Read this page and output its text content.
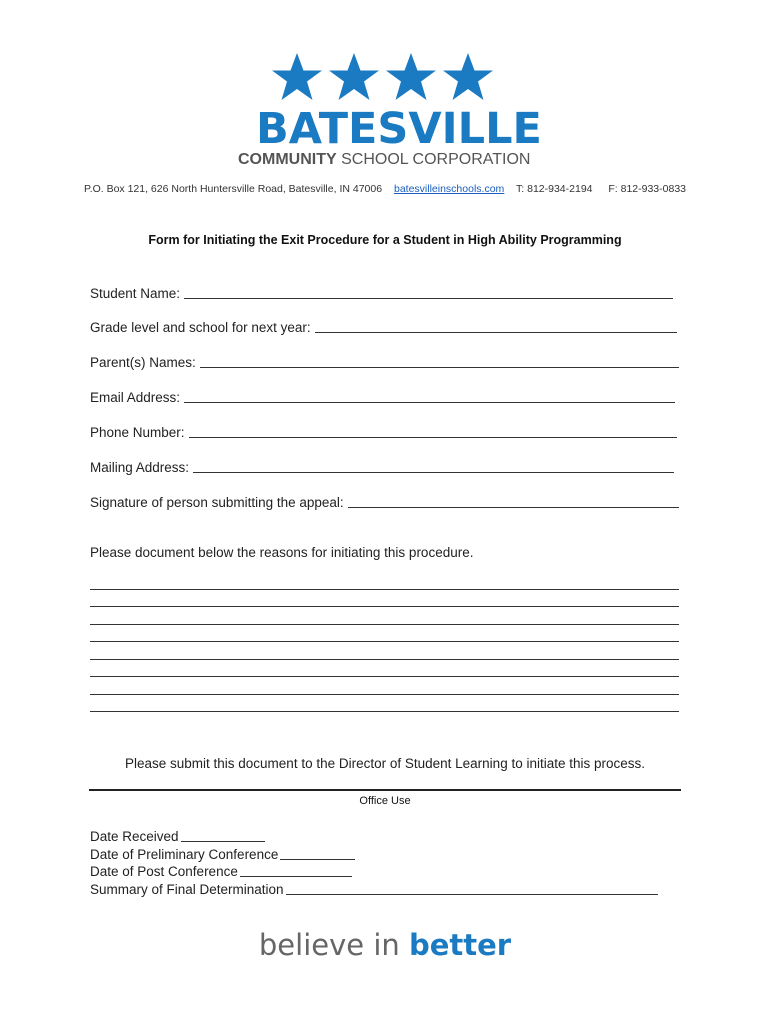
BATESVILLE
COMMUNITY SCHOOL CORPORATION
P.O. Box 121, 626 North Huntersville Road, Batesville, IN 47006 batesvilleinschools.com T: 812-934-2194 F: 812-933-0833
Form for Initiating the Exit Procedure for a Student in High Ability Programming
Student Name:
Grade level and school for next year:
Parent(s) Names:
Email Address:
Phone Number:
Mailing Address:
Signature of person submitting the appeal:
Please document below the reasons for initiating this procedure.
Please submit this document to the Director of Student Learning to initiate this process.
Office Use
Date Received
Date of Preliminary Conference
Date of Post Conference
Summary of Final Determination
believe in better
